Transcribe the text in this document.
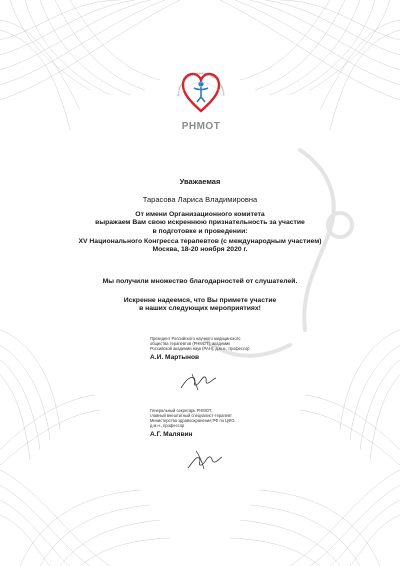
Российское научное медицинское общество терапевтов
РНМОТ
Уважаемая
Тарасова Лариса Владимировна
От имени Организационного комитета
выражаем Вам свою искреннюю признательность за участие
в подготовке и проведении:
XV Национального Конгресса терапевтов (с международным участием)
Москва, 18-20 ноября 2020 г.
Мы получили множество благодарностей от слушателей.
Искренне надеемся, что Вы примете участие
в наших следующих мероприятиях!
Президент Российского научного медицинского
общества терапевтов (РНМОТ), академик
Российской академии наук (РАН), д.м.н., профессор
А.И. Мартынов
Генеральный секретарь РНМОТ,
главный внештатный специалист-терапевт
Министерства здравоохранения РФ по ЦФО,
д.м.н., профессор
А.Г. Малявин
